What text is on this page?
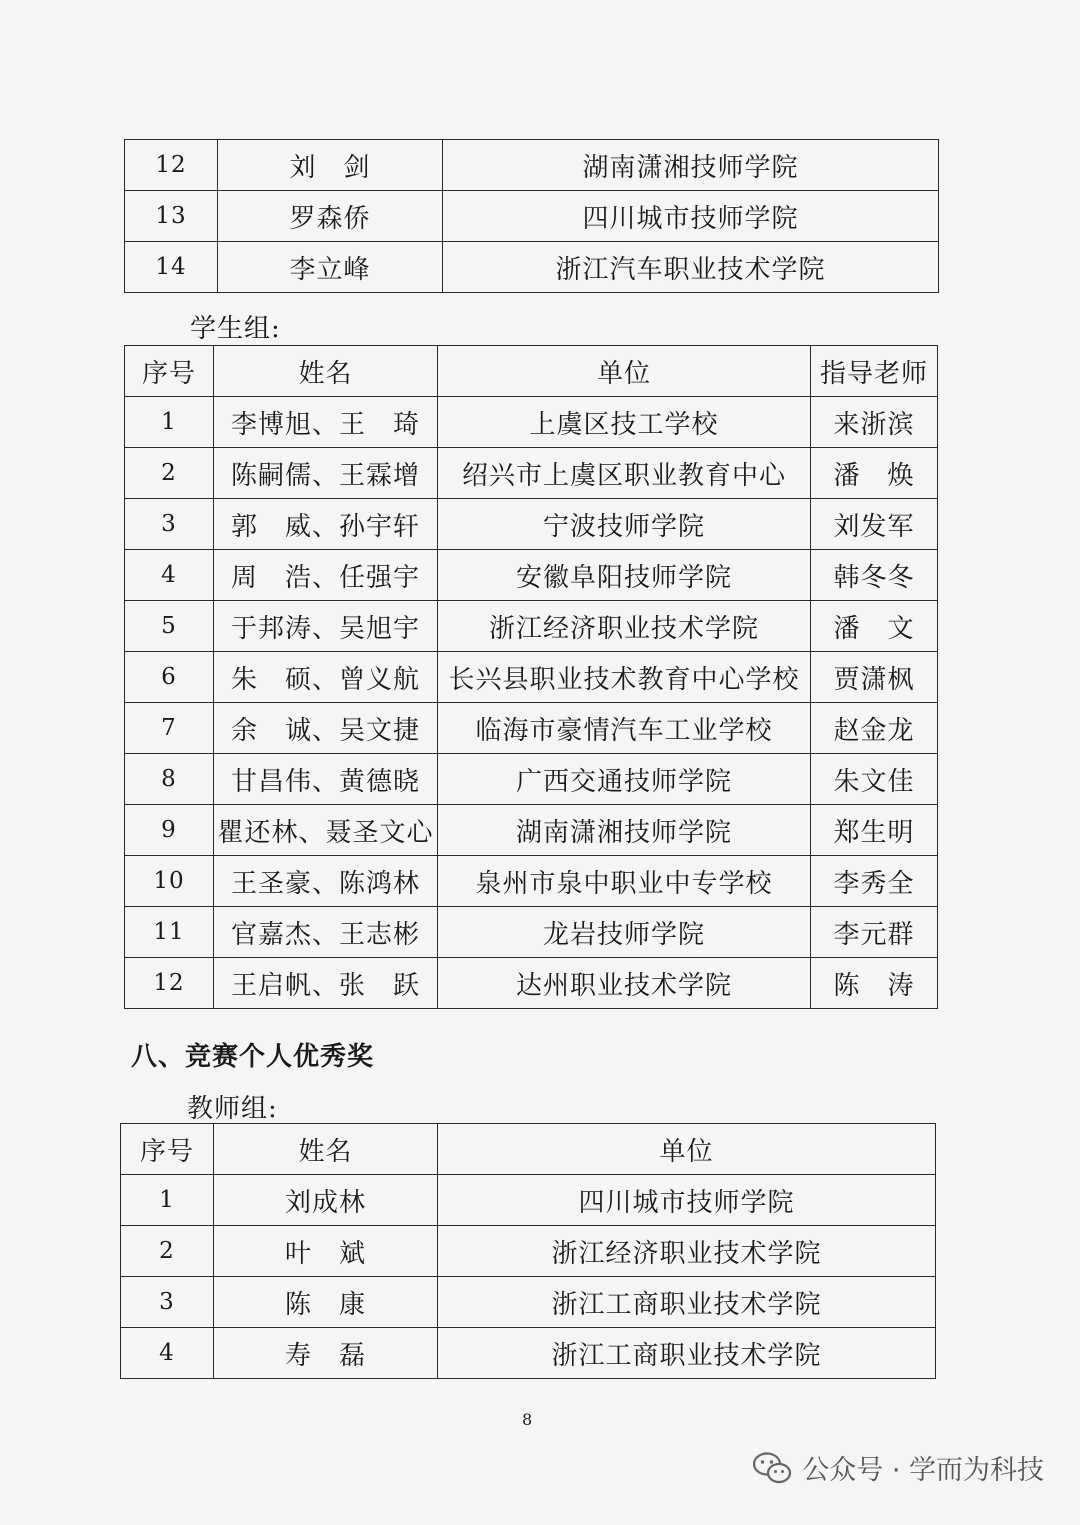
12	刘　剑	湖南潇湘技师学院
13	罗森侨	四川城市技师学院
14	李立峰	浙江汽车职业技术学院
学生组:
序号	姓名	单位	指导老师
1	李博旭、王　琦	上虞区技工学校	来浙滨
2	陈嗣儒、王霖增	绍兴市上虞区职业教育中心	潘　焕
3	郭　威、孙宇轩	宁波技师学院	刘发军
4	周　浩、任强宇	安徽阜阳技师学院	韩冬冬
5	于邦涛、吴旭宇	浙江经济职业技术学院	潘　文
6	朱　硕、曾义航	长兴县职业技术教育中心学校	贾潇枫
7	余　诚、吴文捷	临海市豪情汽车工业学校	赵金龙
8	甘昌伟、黄德晓	广西交通技师学院	朱文佳
9	瞿还林、聂圣文心	湖南潇湘技师学院	郑生明
10	王圣豪、陈鸿林	泉州市泉中职业中专学校	李秀全
11	官嘉杰、王志彬	龙岩技师学院	李元群
12	王启帆、张　跃	达州职业技术学院	陈　涛
八、竞赛个人优秀奖
教师组:
序号	姓名	单位
1	刘成林	四川城市技师学院
2	叶　斌	浙江经济职业技术学院
3	陈　康	浙江工商职业技术学院
4	寿　磊	浙江工商职业技术学院
8
公众号 · 学而为科技
